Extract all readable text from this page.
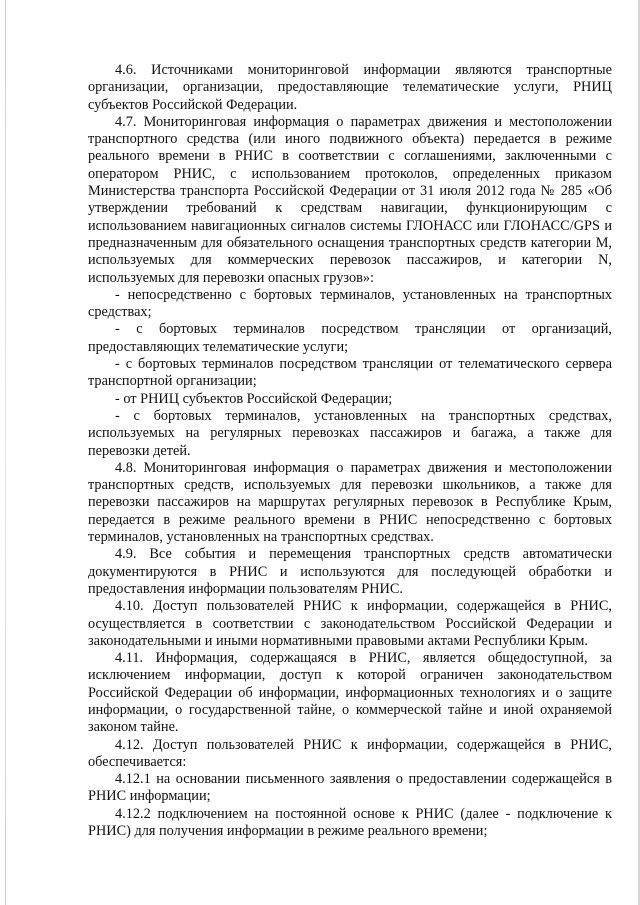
4.6. Источниками мониторинговой информации являются транспортные организации, организации, предоставляющие телематические услуги, РНИЦ субъектов Российской Федерации.

4.7. Мониторинговая информация о параметрах движения и местоположении транспортного средства (или иного подвижного объекта) передается в режиме реального времени в РНИС в соответствии с соглашениями, заключенными с оператором РНИС, с использованием протоколов, определенных приказом Министерства транспорта Российской Федерации от 31 июля 2012 года № 285 «Об утверждении требований к средствам навигации, функционирующим с использованием навигационных сигналов системы ГЛОНАСС или ГЛОНАСС/GPS и предназначенным для обязательного оснащения транспортных средств категории М, используемых для коммерческих перевозок пассажиров, и категории N, используемых для перевозки опасных грузов»:

- непосредственно с бортовых терминалов, установленных на транспортных средствах;

- с бортовых терминалов посредством трансляции от организаций, предоставляющих телематические услуги;

- с бортовых терминалов посредством трансляции от телематического сервера транспортной организации;

- от РНИЦ субъектов Российской Федерации;

- с бортовых терминалов, установленных на транспортных средствах, используемых на регулярных перевозках пассажиров и багажа, а также для перевозки детей.

4.8. Мониторинговая информация о параметрах движения и местоположении транспортных средств, используемых для перевозки школьников, а также для перевозки пассажиров на маршрутах регулярных перевозок в Республике Крым, передается в режиме реального времени в РНИС непосредственно с бортовых терминалов, установленных на транспортных средствах.

4.9. Все события и перемещения транспортных средств автоматически документируются в РНИС и используются для последующей обработки и предоставления информации пользователям РНИС.

4.10. Доступ пользователей РНИС к информации, содержащейся в РНИС, осуществляется в соответствии с законодательством Российской Федерации и законодательными и иными нормативными правовыми актами Республики Крым.

4.11. Информация, содержащаяся в РНИС, является общедоступной, за исключением информации, доступ к которой ограничен законодательством Российской Федерации об информации, информационных технологиях и о защите информации, о государственной тайне, о коммерческой тайне и иной охраняемой законом тайне.

4.12. Доступ пользователей РНИС к информации, содержащейся в РНИС, обеспечивается:

4.12.1 на основании письменного заявления о предоставлении содержащейся в РНИС информации;

4.12.2 подключением на постоянной основе к РНИС (далее - подключение к РНИС) для получения информации в режиме реального времени;
